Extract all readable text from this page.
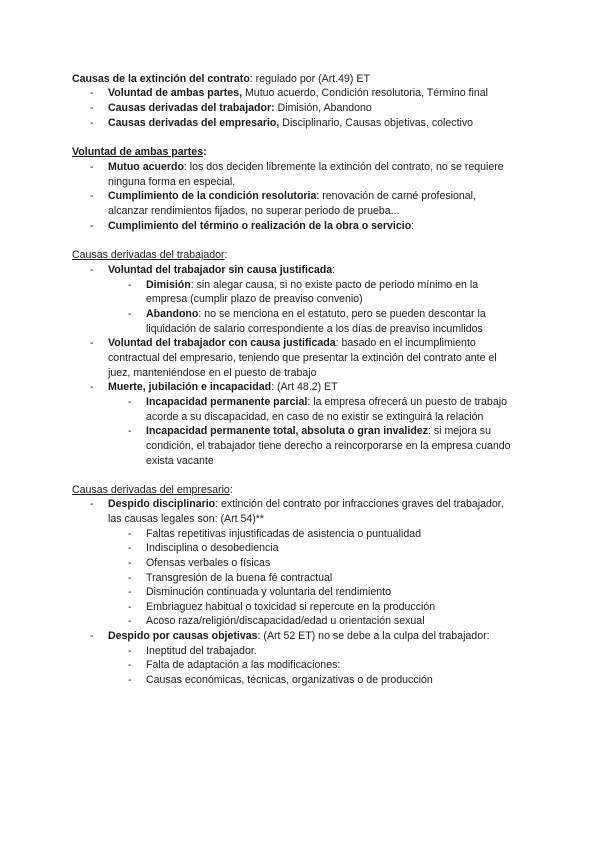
Causas de la extinción del contrato: regulado por (Art.49) ET
-	Voluntad de ambas partes, Mutuo acuerdo, Condición resolutoria, Término final
-	Causas derivadas del trabajador: Dimisión, Abandono
-	Causas derivadas del empresario, Disciplinario, Causas objetivas, colectivo
Voluntad de ambas partes:
-	Mutuo acuerdo: los dos deciden libremente la extinción del contrato, no se requiere
ninguna forma en especial,
-	Cumplimiento de la condición resolutoria: renovación de carné profesional,
alcanzar rendimientos fijados, no superar periodo de prueba...
-	Cumplimiento del término o realización de la obra o servicio:
Causas derivadas del trabajador:
-	Voluntad del trabajador sin causa justificada:
-	Dimisión: sin alegar causa, si no existe pacto de periodo mínimo en la
empresa (cumplir plazo de preaviso convenio)
-	Abandono: no se menciona en el estatuto, pero se pueden descontar la
liquidación de salario correspondiente a los días de preaviso incumlidos
-	Voluntad del trabajador con causa justificada: basado en el incumplimiento
contractual del empresario, teniendo que presentar la extinción del contrato ante el
juez, manteniéndose en el puesto de trabajo
-	Muerte, jubilación e incapacidad: (Art 48.2) ET
-	Incapacidad permanente parcial: la empresa ofrecerá un puesto de trabajo
acorde a su discapacidad, en caso de no existir se extinguirá la relación
-	Incapacidad permanente total, absoluta o gran invalidez: si mejora su
condición, el trabajador tiene derecho a reincorporarse en la empresa cuando
exista vacante
Causas derivadas del empresario:
-	Despido disciplinario: extinción del contrato por infracciones graves del trabajador,
las causas legales son: (Art 54)**
-	Faltas repetitivas injustificadas de asistencia o puntualidad
-	Indisciplina o desobediencia
-	Ofensas verbales o físicas
-	Transgresión de la buena fé contractual
-	Disminución continuada y voluntaria del rendimiento
-	Embriaguez habitual o toxicidad si repercute en la producción
-	Acoso raza/religión/discapacidad/edad u orientación sexual
-	Despido por causas objetivas: (Art 52 ET) no se debe a la culpa del trabajador:
-	Ineptitud del trabajador.
-	Falta de adaptación a las modificaciones:
-	Causas económicas, técnicas, organizativas o de producción
